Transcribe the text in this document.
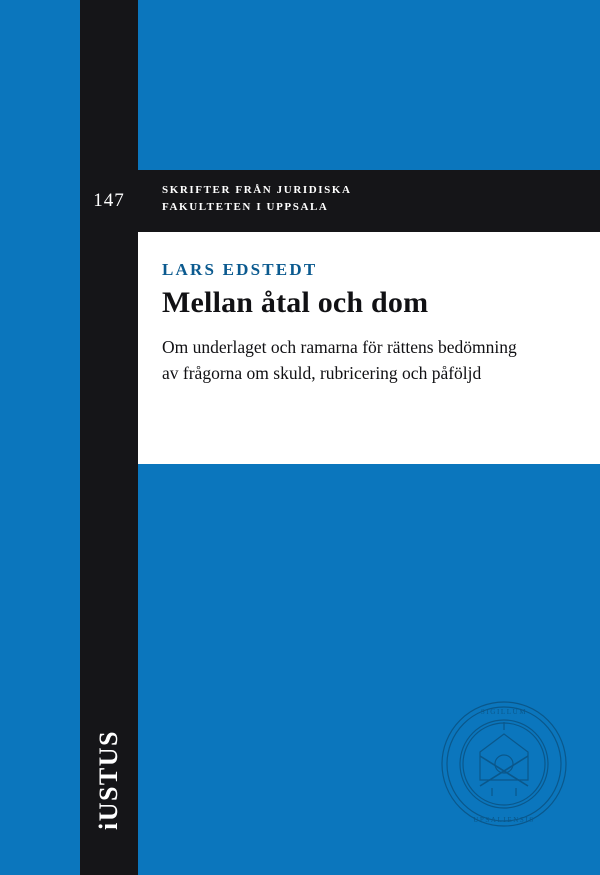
147	SKRIFTER FRÅN JURIDISKA
FAKULTETEN I UPPSALA
LARS EDSTEDT
Mellan åtal och dom
Om underlaget och ramarna för rättens bedömning
av frågorna om skuld, rubricering och påföljd
iUSTUS
SIGILLUM
UPSALIENSIS
